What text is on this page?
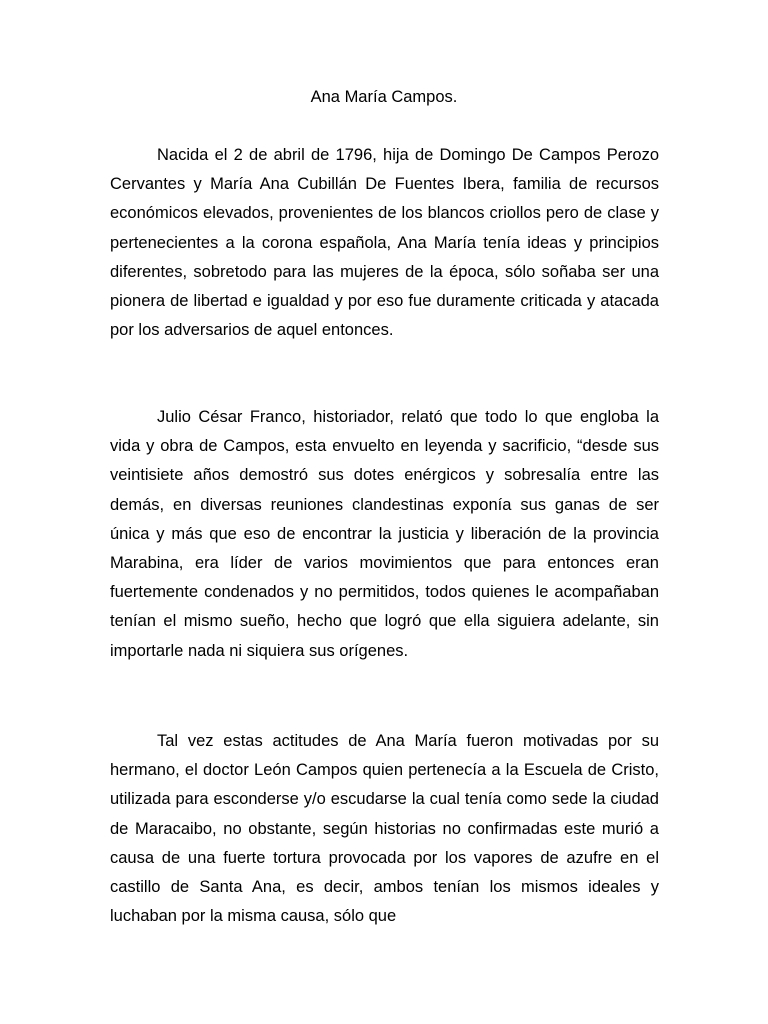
Ana María Campos.

Nacida el 2 de abril de 1796, hija de Domingo De Campos Perozo Cervantes y María Ana Cubillán De Fuentes Ibera, familia de recursos económicos elevados, provenientes de los blancos criollos pero de clase y pertenecientes a la corona española, Ana María tenía ideas y principios diferentes, sobretodo para las mujeres de la época, sólo soñaba ser una pionera de libertad e igualdad y por eso fue duramente criticada y atacada por los adversarios de aquel entonces.

Julio César Franco, historiador, relató que todo lo que engloba la vida y obra de Campos, esta envuelto en leyenda y sacrificio, “desde sus veintisiete años demostró sus dotes enérgicos y sobresalía entre las demás, en diversas reuniones clandestinas exponía sus ganas de ser única y más que eso de encontrar la justicia y liberación de la provincia Marabina, era líder de varios movimientos que para entonces eran fuertemente condenados y no permitidos, todos quienes le acompañaban tenían el mismo sueño, hecho que logró que ella siguiera adelante, sin importarle nada ni siquiera sus orígenes.

Tal vez estas actitudes de Ana María fueron motivadas por su hermano, el doctor León Campos quien pertenecía a la Escuela de Cristo, utilizada para esconderse y/o escudarse la cual tenía como sede la ciudad de Maracaibo, no obstante, según historias no confirmadas este murió a causa de una fuerte tortura provocada por los vapores de azufre en el castillo de Santa Ana, es decir, ambos tenían los mismos ideales y luchaban por la misma causa, sólo que
